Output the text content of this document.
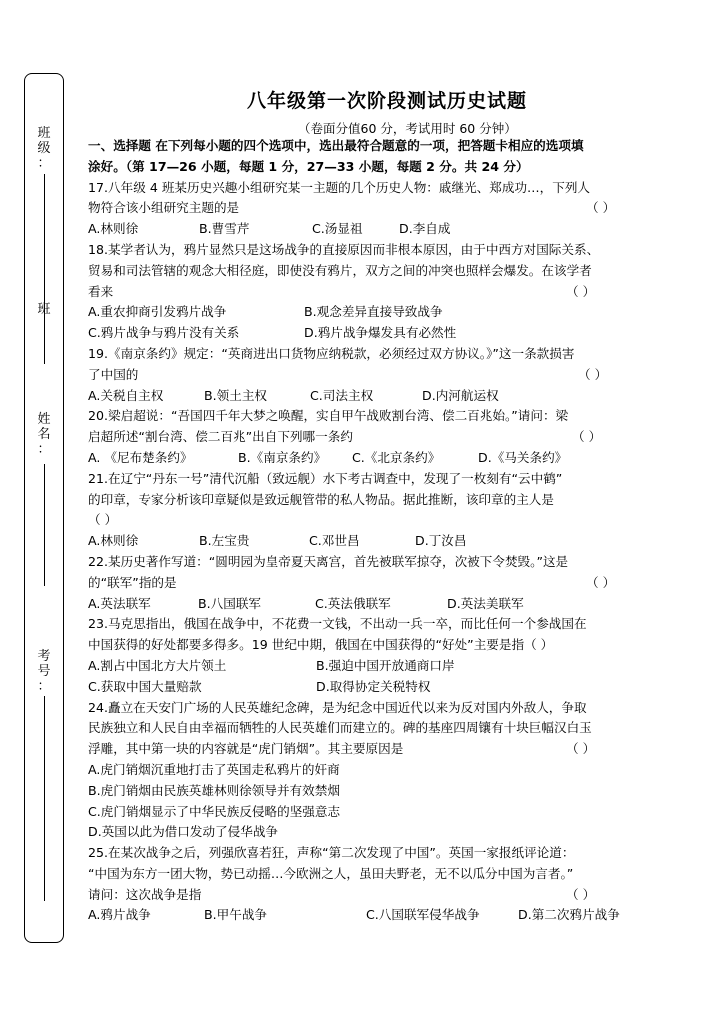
班
级
：
班
姓
名
：
考
号
：
八年级第一次阶段测试历史试题
（卷面分值60 分，考试用时 60 分钟）
一、选择题 在下列每小题的四个选项中，选出最符合题意的一项，把答题卡相应的选项填
涂好。（第 17—26 小题，每题 1 分，27—33 小题，每题 2 分。共 24 分）
17.八年级 4 班某历史兴趣小组研究某一主题的几个历史人物：戚继光、郑成功…，下列人
物符合该小组研究主题的是	（ ）
A.林则徐	B.曹雪芹	C.汤显祖	D.李自成
18.某学者认为，鸦片显然只是这场战争的直接原因而非根本原因，由于中西方对国际关系、
贸易和司法管辖的观念大相径庭，即使没有鸦片，双方之间的冲突也照样会爆发。在该学者
看来	（ ）
A.重农抑商引发鸦片战争	B.观念差异直接导致战争
C.鸦片战争与鸦片没有关系	D.鸦片战争爆发具有必然性
19.《南京条约》规定：“英商进出口货物应纳税款，必须经过双方协议。》”这一条款损害
了中国的	（ ）
A.关税自主权	B.领土主权	C.司法主权	D.内河航运权
20.梁启超说：“吾国四千年大梦之唤醒，实自甲午战败割台湾、偿二百兆始。”请问：梁
启超所述“割台湾、偿二百兆”出自下列哪一条约	（ ）
A. 《尼布楚条约》	B.《南京条约》 C.《北京条约》	D.《马关条约》
21.在辽宁“丹东一号”清代沉船（致远舰）水下考古调查中，发现了一枚刻有“云中鹤”
的印章，专家分析该印章疑似是致远舰管带的私人物品。据此推断，该印章的主人是
（ ）
A.林则徐	B.左宝贵	C.邓世昌	D.丁汝昌
22.某历史著作写道：“圆明园为皇帝夏天离宫，首先被联军掠夺，次被下令焚毁。”这是
的“联军”指的是	（ ）
A.英法联军	B.八国联军	C.英法俄联军	D.英法美联军
23.马克思指出，俄国在战争中，不花费一文钱，不出动一兵一卒，而比任何一个参战国在
中国获得的好处都要多得多。19 世纪中期，俄国在中国获得的“好处”主要是指（ ）
A.割占中国北方大片领土	B.强迫中国开放通商口岸
C.获取中国大量赔款	D.取得协定关税特权
24.矗立在天安门广场的人民英雄纪念碑，是为纪念中国近代以来为反对国内外敌人，争取
民族独立和人民自由幸福而牺牲的人民英雄们而建立的。碑的基座四周镶有十块巨幅汉白玉
浮雕，其中第一块的内容就是“虎门销烟”。其主要原因是	（ ）
A.虎门销烟沉重地打击了英国走私鸦片的奸商
B.虎门销烟由民族英雄林则徐领导并有效禁烟
C.虎门销烟显示了中华民族反侵略的坚强意志
D.英国以此为借口发动了侵华战争
25.在某次战争之后，列强欣喜若狂，声称“第二次发现了中国”。英国一家报纸评论道：
“中国为东方一团大物，势已动摇…今欧洲之人，虽田夫野老，无不以瓜分中国为言者。”
请问：这次战争是指	（ ）
A.鸦片战争	B.甲午战争	C.八国联军侵华战争	D.第二次鸦片战争
